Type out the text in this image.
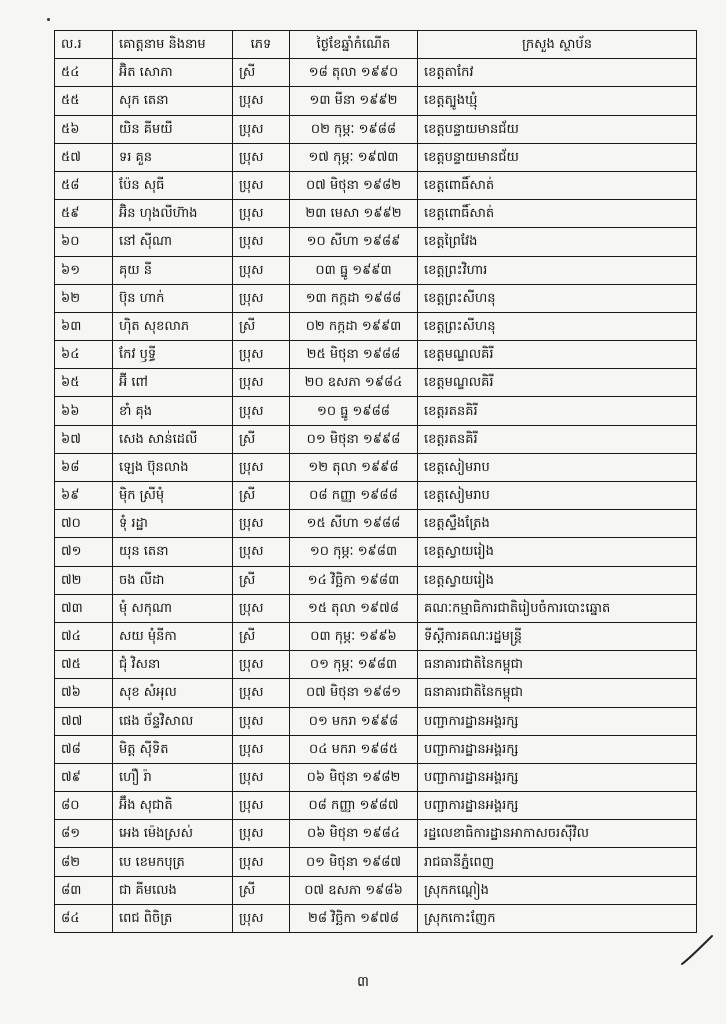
ល.រ	គោត្តនាម និងនាម	ភេទ	ថ្ងៃខែឆ្នាំកំណើត	ក្រសួង ស្ថាប័ន
៥៤	អ៊ិត សោភា	ស្រី	១៨ តុលា ១៩៩០	ខេត្តតាកែវ
៥៥	សុក តេនា	ប្រុស	១៣ មីនា ១៩៩២	ខេត្តត្បូងឃ្មុំ
៥៦	យិន គីមយី	ប្រុស	០២ កុម្ភៈ ១៩៨៨	ខេត្តបន្ទាយមានជ័យ
៥៧	ទរ គួន	ប្រុស	១៧ កុម្ភៈ ១៩៧៣	ខេត្តបន្ទាយមានជ័យ
៥៨	ប៉ែន សុធី	ប្រុស	០៧ មិថុនា ១៩៨២	ខេត្តពោធិ៍សាត់
៥៩	អ៊ិន ហុងលីហ៊ាង	ប្រុស	២៣ មេសា ១៩៩២	ខេត្តពោធិ៍សាត់
៦០	នៅ ស៊ីណា	ប្រុស	១០ សីហា ១៩៨៩	ខេត្តព្រៃវែង
៦១	គុយ នី	ប្រុស	០៣ ធ្នូ ១៩៩៣	ខេត្តព្រះវិហារ
៦២	ប៊ុន ហាក់	ប្រុស	១៣ កក្កដា ១៩៨៨	ខេត្តព្រះសីហនុ
៦៣	ហ៊ិត សុខលាភ	ស្រី	០២ កក្កដា ១៩៩៣	ខេត្តព្រះសីហនុ
៦៤	កែវ ឫទ្ធី	ប្រុស	២៥ មិថុនា ១៩៨៨	ខេត្តមណ្ឌលគិរី
៦៥	អ៊ី ពៅ	ប្រុស	២០ ឧសភា ១៩៨៤	ខេត្តមណ្ឌលគិរី
៦៦	ខាំ គុង	ប្រុស	១០ ធ្នូ ១៩៨៨	ខេត្តរតនគិរី
៦៧	សេង សាន់ដេលី	ស្រី	០១ មិថុនា ១៩៩៨	ខេត្តរតនគិរី
៦៨	ឡេង ប៊ុនលាង	ប្រុស	១២ តុលា ១៩៩៨	ខេត្តសៀមរាប
៦៩	ម៉ិក ស្រីមុំ	ស្រី	០៨ កញ្ញា ១៩៨៨	ខេត្តសៀមរាប
៧០	ទុំ រដ្ឋា	ប្រុស	១៥ សីហា ១៩៨៨	ខេត្តស្ទឹងត្រែង
៧១	យុន តេនា	ប្រុស	១០ កុម្ភៈ ១៩៨៣	ខេត្តស្វាយរៀង
៧២	ចង លីដា	ស្រី	១៤ វិច្ឆិកា ១៩៨៣	ខេត្តស្វាយរៀង
៧៣	មុំ សកុណា	ប្រុស	១៥ តុលា ១៩៧៨	គណៈកម្មាធិការជាតិរៀបចំការបោះឆ្នោត
៧៤	សយ មុំនីកា	ស្រី	០៣ កុម្ភៈ ១៩៩៦	ទីស្តីការគណៈរដ្ឋមន្ត្រី
៧៥	ជុំ វិសនា	ប្រុស	០១ កុម្ភៈ ១៩៨៣	ធនាគារជាតិនៃកម្ពុជា
៧៦	សុខ សំអុល	ប្រុស	០៧ មិថុនា ១៩៨១	ធនាគារជាតិនៃកម្ពុជា
៧៧	ផេង ច័ន្ទវិសាល	ប្រុស	០១ មករា ១៩៩៨	បញ្ជាការដ្ឋានអង្គរក្ស
៧៨	មិត្ត ស៊ីទិត	ប្រុស	០៤ មករា ១៩៨៥	បញ្ជាការដ្ឋានអង្គរក្ស
៧៩	ហឿ រ៉ា	ប្រុស	០៦ មិថុនា ១៩៨២	បញ្ជាការដ្ឋានអង្គរក្ស
៨០	អ៊ឹង សុជាតិ	ប្រុស	០៨ កញ្ញា ១៩៨៧	បញ្ជាការដ្ឋានអង្គរក្ស
៨១	អេង ម៉េងស្រស់	ប្រុស	០៦ មិថុនា ១៩៨៤	រដ្ឋលេខាធិការដ្ឋានអាកាសចរស៊ីវិល
៨២	បេ ខេមកបុត្រ	ប្រុស	០១ មិថុនា ១៩៨៧	រាជធានីភ្នំពេញ
៨៣	ជា គីមលេង	ស្រី	០៧ ឧសភា ១៩៨៦	ស្រុកកណ្តៀង
៨៤	ពេជ ពិចិត្រ	ប្រុស	២៨ វិច្ឆិកា ១៩៧៨	ស្រុកកោះញែក
៣
